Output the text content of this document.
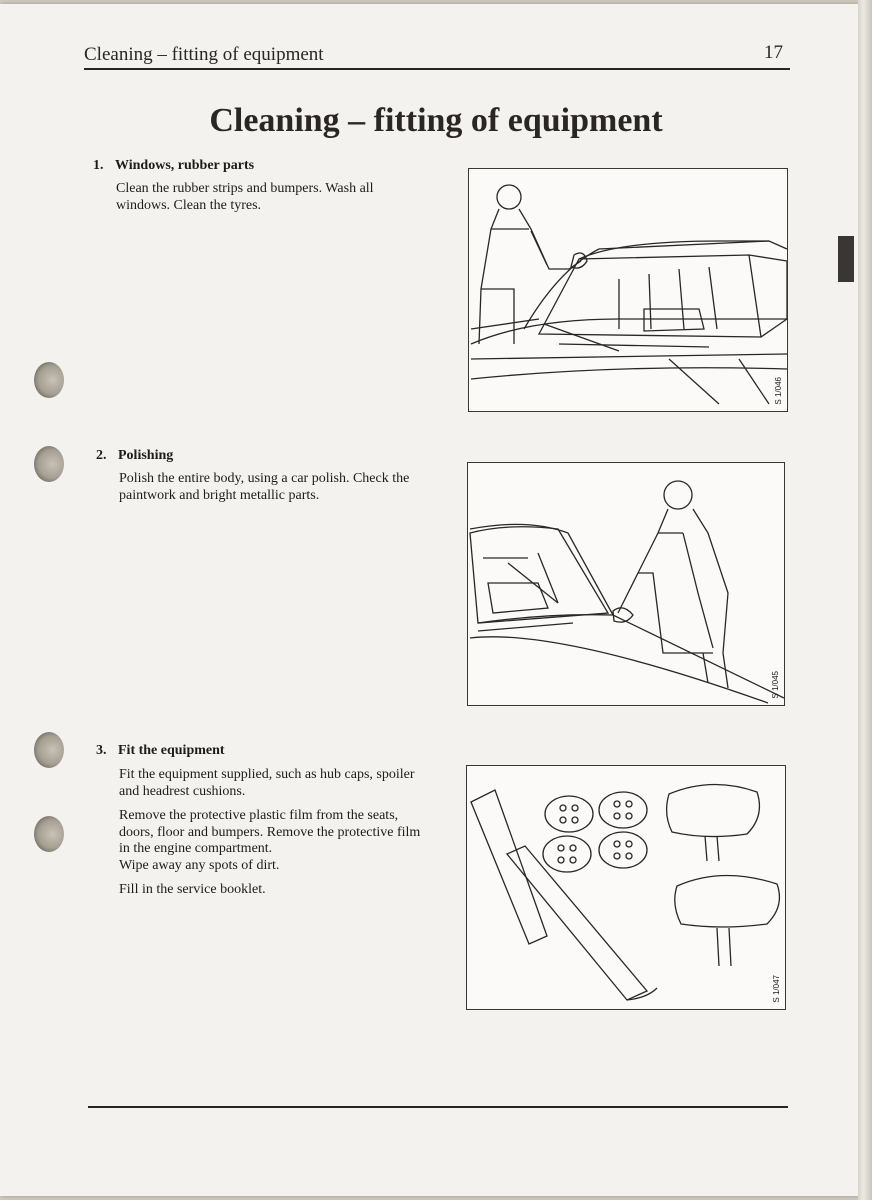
Cleaning – fitting of equipment	17
Cleaning – fitting of equipment
1. Windows, rubber parts

Clean the rubber strips and bumpers. Wash all windows. Clean the tyres.

S 1/046
2. Polishing

Polish the entire body, using a car polish. Check the paintwork and bright metallic parts.

S 1/045
3. Fit the equipment

Fit the equipment supplied, such as hub caps, spoiler and headrest cushions.

Remove the protective plastic film from the seats, doors, floor and bumpers. Remove the protective film in the engine compartment.

Wipe away any spots of dirt.

Fill in the service booklet.

S 1/047
